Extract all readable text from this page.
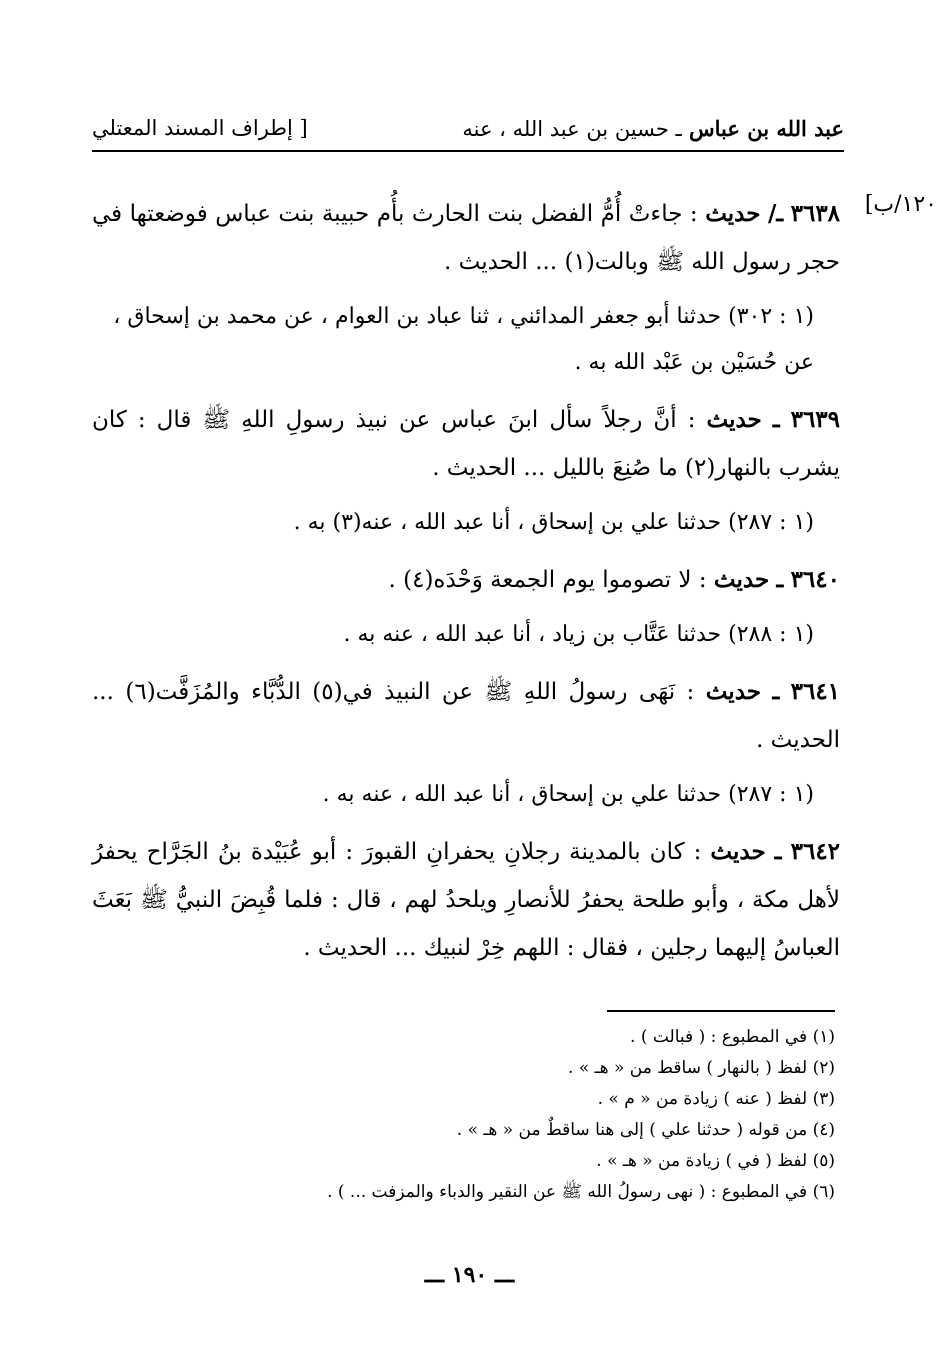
عبد الله بن عباس ـ حسين بن عبد الله ، عنه
[ إطراف المسند المعتلي
١٢٠/ب]

٣٦٣٨ ـ/ حديث : جاءتْ أُمُّ الفضل بنت الحارث بأُم حبيبة بنت عباس فوضعتها في حجر رسول الله ﷺ وبالت(١) ... الحديث .

(١ : ٣٠٢) حدثنا أبو جعفر المدائني ، ثنا عباد بن العوام ، عن محمد بن إسحاق ، عن حُسَيْن بن عَبْد الله به .

٣٦٣٩ ـ حديث : أنَّ رجلاً سأل ابنَ عباس عن نبيذ رسولِ اللهِ ﷺ قال : كان يشرب بالنهار(٢) ما صُنِعَ بالليل ... الحديث .

(١ : ٢٨٧) حدثنا علي بن إسحاق ، أنا عبد الله ، عنه(٣) به .

٣٦٤٠ ـ حديث : لا تصوموا يوم الجمعة وَحْدَه(٤) .

(١ : ٢٨٨) حدثنا عَتَّاب بن زياد ، أنا عبد الله ، عنه به .

٣٦٤١ ـ حديث : نَهَى رسولُ اللهِ ﷺ عن النبيذ في(٥) الدُّبَّاء والمُزَفَّت(٦) ... الحديث .

(١ : ٢٨٧) حدثنا علي بن إسحاق ، أنا عبد الله ، عنه به .

٣٦٤٢ ـ حديث : كان بالمدينة رجلانِ يحفرانِ القبورَ : أبو عُبَيْدة بنُ الجَرَّاح يحفرُ لأهل مكة ، وأبو طلحة يحفرُ للأنصارِ ويلحدُ لهم ، قال : فلما قُبِضَ النبيُّ ﷺ بَعَثَ العباسُ إليهما رجلين ، فقال : اللهم خِرْ لنبيك ... الحديث .

(١) في المطبوع : ( فبالت ) .
(٢) لفظ ( بالنهار ) ساقط من « هـ » .
(٣) لفظ ( عنه ) زيادة من « م » .
(٤) من قوله ( حدثنا علي ) إلى هنا ساقطٌ من « هـ » .
(٥) لفظ ( في ) زيادة من « هـ » .
(٦) في المطبوع : ( نهى رسولُ الله ﷺ عن النقير والدباء والمزفت ... ) .
ـــ ١٩٠ ـــ
